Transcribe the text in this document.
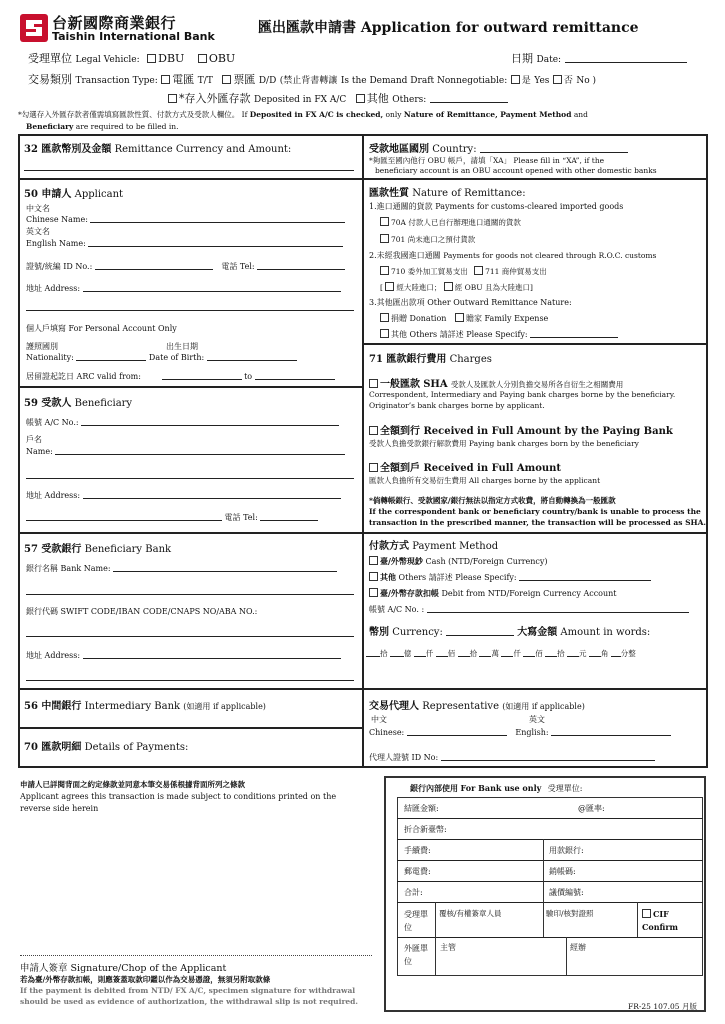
台新國際商業銀行
Taishin International Bank
匯出匯款申請書 Application for outward remittance
受理單位 Legal Vehicle: DBU OBU	日期 Date:
交易類別 Transaction Type: 電匯 T/T 票匯 D/D (禁止背書轉讓 Is the Demand Draft Nonnegotiable: 是 Yes 否 No )
*存入外匯存款 Deposited in FX A/C 其他 Others:
*勾選存入外匯存款者僅需填寫匯款性質、付款方式及受款人欄位。 If Deposited in FX A/C is checked, only Nature of Remittance, Payment Method and
Beneficiary are required to be filled in.
32 匯款幣別及金額 Remittance Currency and Amount:	受款地區國別 Country:
*夠匯至國內他行 OBU 帳戶，請填「XA」 Please fill in “XA”, if the
beneficiary account is an OBU account opened with other domestic banks
50 申請人 Applicant
中文名
Chinese Name:
英文名
English Name:
證號/統編 ID No.:	電話 Tel:
地址 Address:
個人戶填寫 For Personal Account Only
護照國別	出生日期
Nationality:	Date of Birth:
居留證起訖日 ARC valid from:	to
匯款性質 Nature of Remittance:
1.進口通關的貨款 Payments for customs-cleared imported goods
70A 付款人已自行辦理進口通關的貨款
701 尚未進口之預付貨款
2.未經我國進口通關 Payments for goods not cleared through R.O.C. customs
710 委外加工貿易支出 711 商仲貿易支出
[ 經大陸進口； 經 OBU 且為大陸進口]
3.其他匯出款項 Other Outward Remittance Nature:
捐贈 Donation 贍家 Family Expense
其他 Others 請詳述 Please Specify:
59 受款人 Beneficiary
帳號 A/C No.:
戶名
Name:
地址 Address:
電話 Tel:
71 匯款銀行費用 Charges
一般匯款 SHA 受款人及匯款人分別負擔交易所各自衍生之相關費用
Correspondent, Intermediary and Paying bank charges borne by the beneficiary.
Originator’s bank charges borne by applicant.
全額到行 Received in Full Amount by the Paying Bank
受款人負擔受款銀行解款費用 Paying bank charges born by the beneficiary
全額到戶 Received in Full Amount
匯款人負擔所有交易衍生費用 All charges borne by the applicant
*倘轉帳銀行、受款國家/銀行無法以指定方式收費，將自動轉換為一般匯款
If the correspondent bank or beneficiary country/bank is unable to process the
transaction in the prescribed manner, the transaction will be processed as SHA.
57 受款銀行 Beneficiary Bank
銀行名稱 Bank Name:
銀行代碼 SWIFT CODE/IBAN CODE/CNAPS NO/ABA NO.:
地址 Address:
付款方式 Payment Method
臺/外幣現鈔 Cash (NTD/Foreign Currency)
其他 Others 請詳述 Please Specify:
臺/外幣存款扣帳 Debit from NTD/Foreign Currency Account
帳號 A/C No. :
幣別 Currency:	大寫金額 Amount in words:
拾 億 仟 佰 拾 萬 仟 佰 拾 元 角 分整
56 中間銀行 Intermediary Bank (如適用 if applicable)
70 匯款明細 Details of Payments:
交易代理人 Representative (如適用 if applicable)
中文	英文
Chinese:	English:
代理人證號 ID No:
申請人已詳閱背面之約定條款並同意本筆交易係根據背面所列之條款
Applicant agrees this transaction is made subject to conditions printed on the
reverse side herein
申請人簽章 Signature/Chop of the Applicant
若為臺/外幣存款扣帳，則應簽蓋取款印鑑以作為交易憑證，無須另附取款條
If the payment is debited from NTD/ FX A/C, specimen signature for withdrawal
should be used as evidence of authorization, the withdrawal slip is not required.
銀行內部使用 For Bank use only 受理單位:
結匯金額:	@匯率:
折合新臺幣:
手續費:	用款銀行:
郵電費:	銷帳碼:
合計:	議價編號:
受理單位
覆核/有權簽章人員	驗印/核對證照	CIF
Confirm
外匯單位
主管	經辦
FR-25 107.05 月版
